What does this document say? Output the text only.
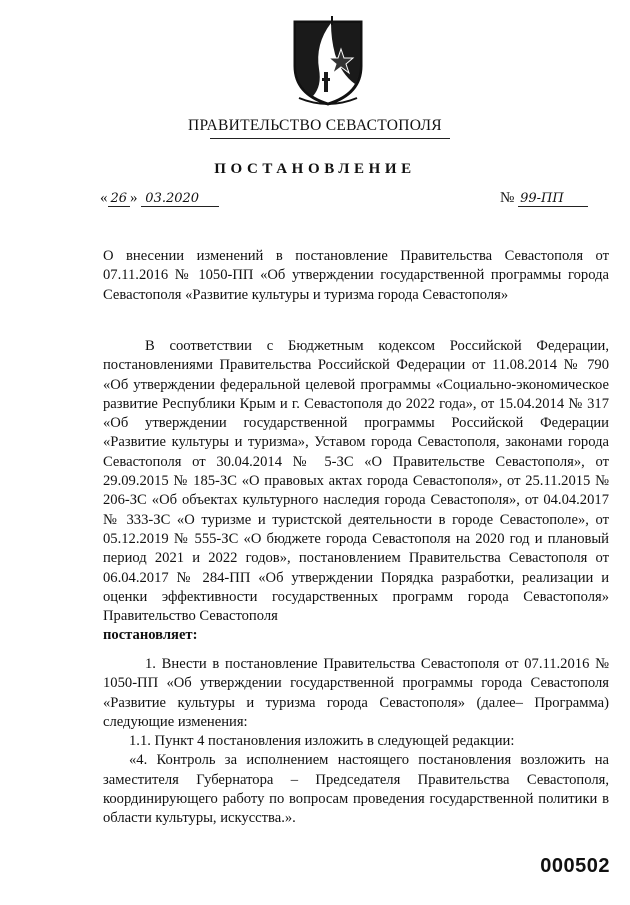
ПРАВИТЕЛЬСТВО СЕВАСТОПОЛЯ
ПОСТАНОВЛЕНИЕ
« 26 » 03.2020	№ 99-ПП

О внесении изменений в постановление Правительства Севастополя от 07.11.2016 № 1050-ПП «Об утверждении государственной программы города Севастополя «Развитие культуры и туризма города Севастополя»

В соответствии с Бюджетным кодексом Российской Федерации, постановлениями Правительства Российской Федерации от 11.08.2014 № 790 «Об утверждении федеральной целевой программы «Социально-экономическое развитие Республики Крым и г. Севастополя до 2022 года», от 15.04.2014 № 317 «Об утверждении государственной программы Российской Федерации «Развитие культуры и туризма», Уставом города Севастополя, законами города Севастополя от 30.04.2014 № 5-ЗС «О Правительстве Севастополя», от 29.09.2015 № 185-ЗС «О правовых актах города Севастополя», от 25.11.2015 № 206-ЗС «Об объектах культурного наследия города Севастополя», от 04.04.2017 № 333-ЗС «О туризме и туристской деятельности в городе Севастополе», от 05.12.2019 № 555-ЗС «О бюджете города Севастополя на 2020 год и плановый период 2021 и 2022 годов», постановлением Правительства Севастополя от 06.04.2017 № 284-ПП «Об утверждении Порядка разработки, реализации и оценки эффективности государственных программ города Севастополя» Правительство Севастополя

постановляет:

1. Внести в постановление Правительства Севастополя от 07.11.2016 № 1050-ПП «Об утверждении государственной программы города Севастополя «Развитие культуры и туризма города Севастополя» (далее– Программа) следующие изменения:

1.1. Пункт 4 постановления изложить в следующей редакции:

«4. Контроль за исполнением настоящего постановления возложить на заместителя Губернатора – Председателя Правительства Севастополя, координирующего работу по вопросам проведения государственной политики в области культуры, искусства.».

000502
